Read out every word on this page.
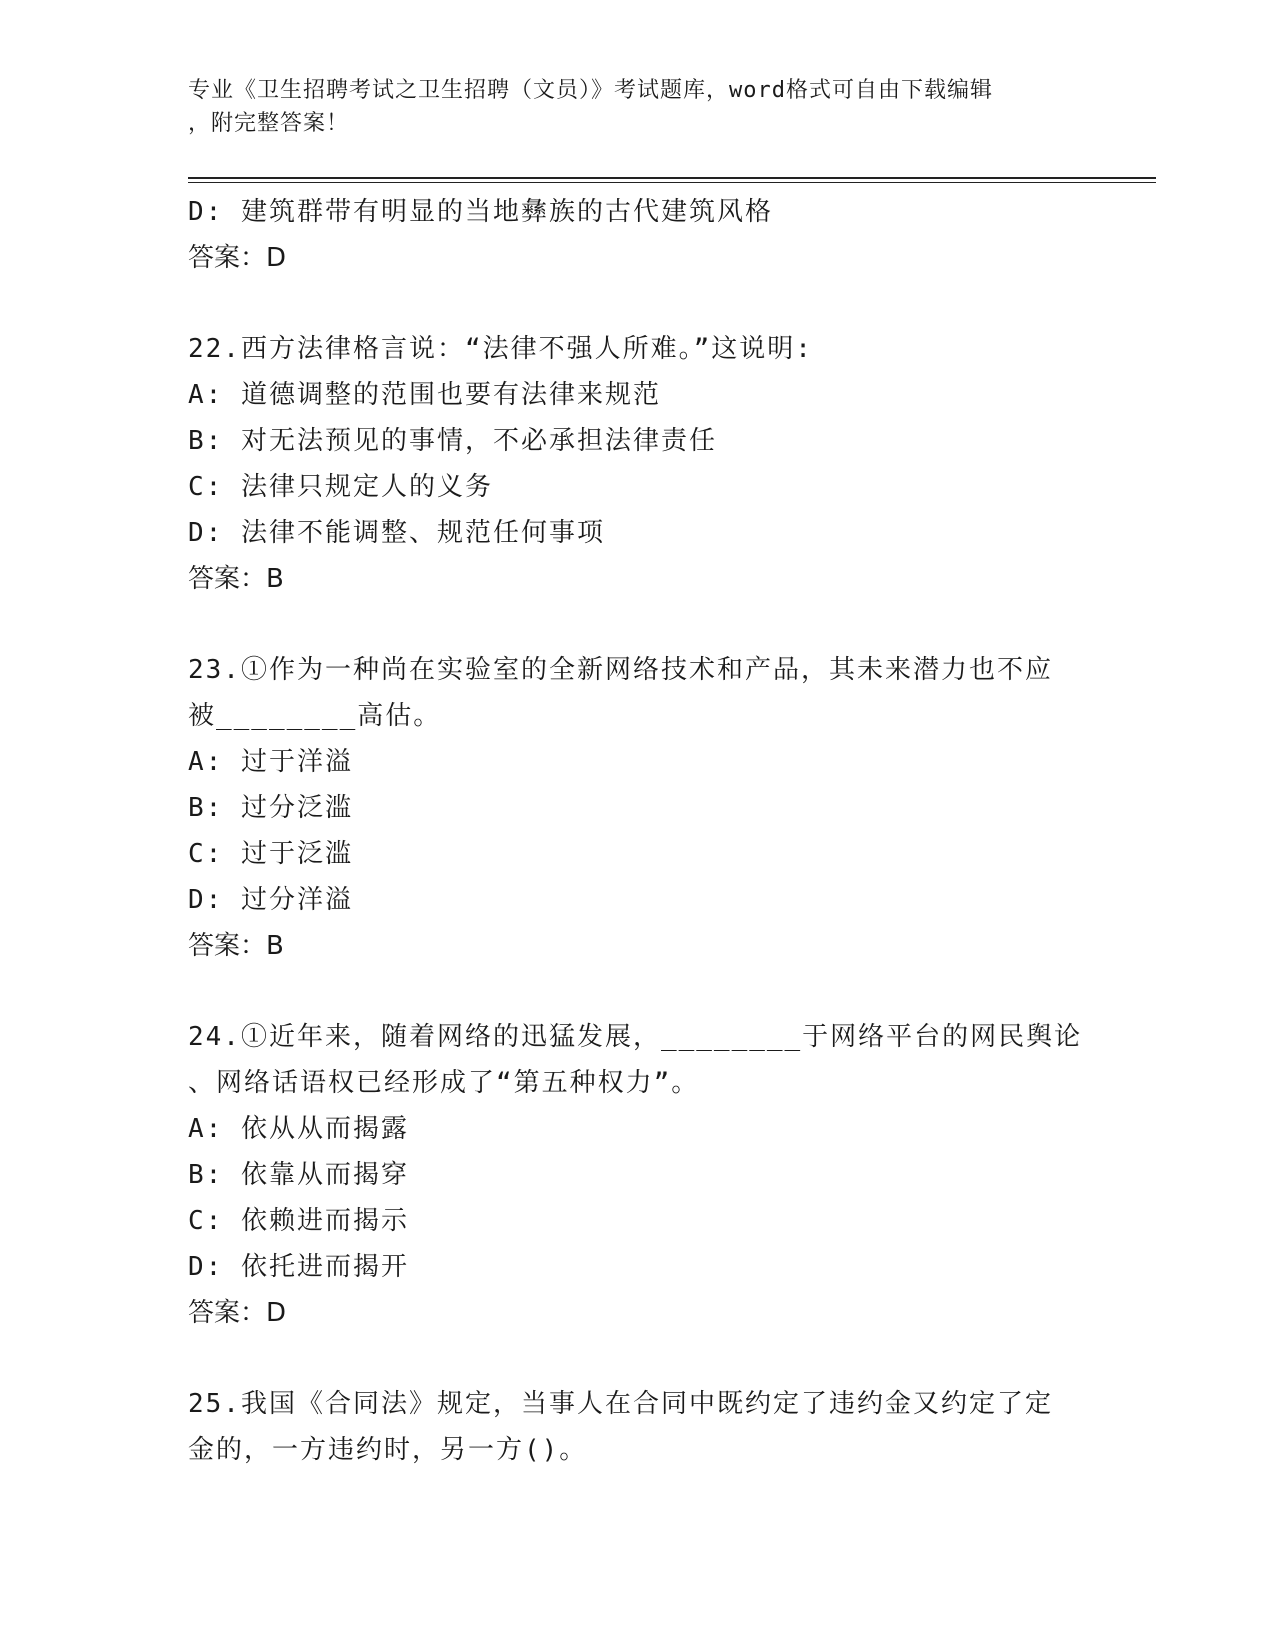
专业《卫生招聘考试之卫生招聘（文员）》考试题库，word格式可自由下载编辑
，附完整答案！
D: 建筑群带有明显的当地彝族的古代建筑风格
答案：D
22.西方法律格言说：“法律不强人所难。”这说明:
A: 道德调整的范围也要有法律来规范
B: 对无法预见的事情，不必承担法律责任
C: 法律只规定人的义务
D: 法律不能调整、规范任何事项
答案：B
23.①作为一种尚在实验室的全新网络技术和产品，其未来潜力也不应
被________高估。
A: 过于洋溢
B: 过分泛滥
C: 过于泛滥
D: 过分洋溢
答案：B
24.①近年来，随着网络的迅猛发展，________于网络平台的网民舆论
、网络话语权已经形成了“第五种权力”。
A: 依从从而揭露
B: 依靠从而揭穿
C: 依赖进而揭示
D: 依托进而揭开
答案：D
25.我国《合同法》规定，当事人在合同中既约定了违约金又约定了定
金的，一方违约时，另一方()。
